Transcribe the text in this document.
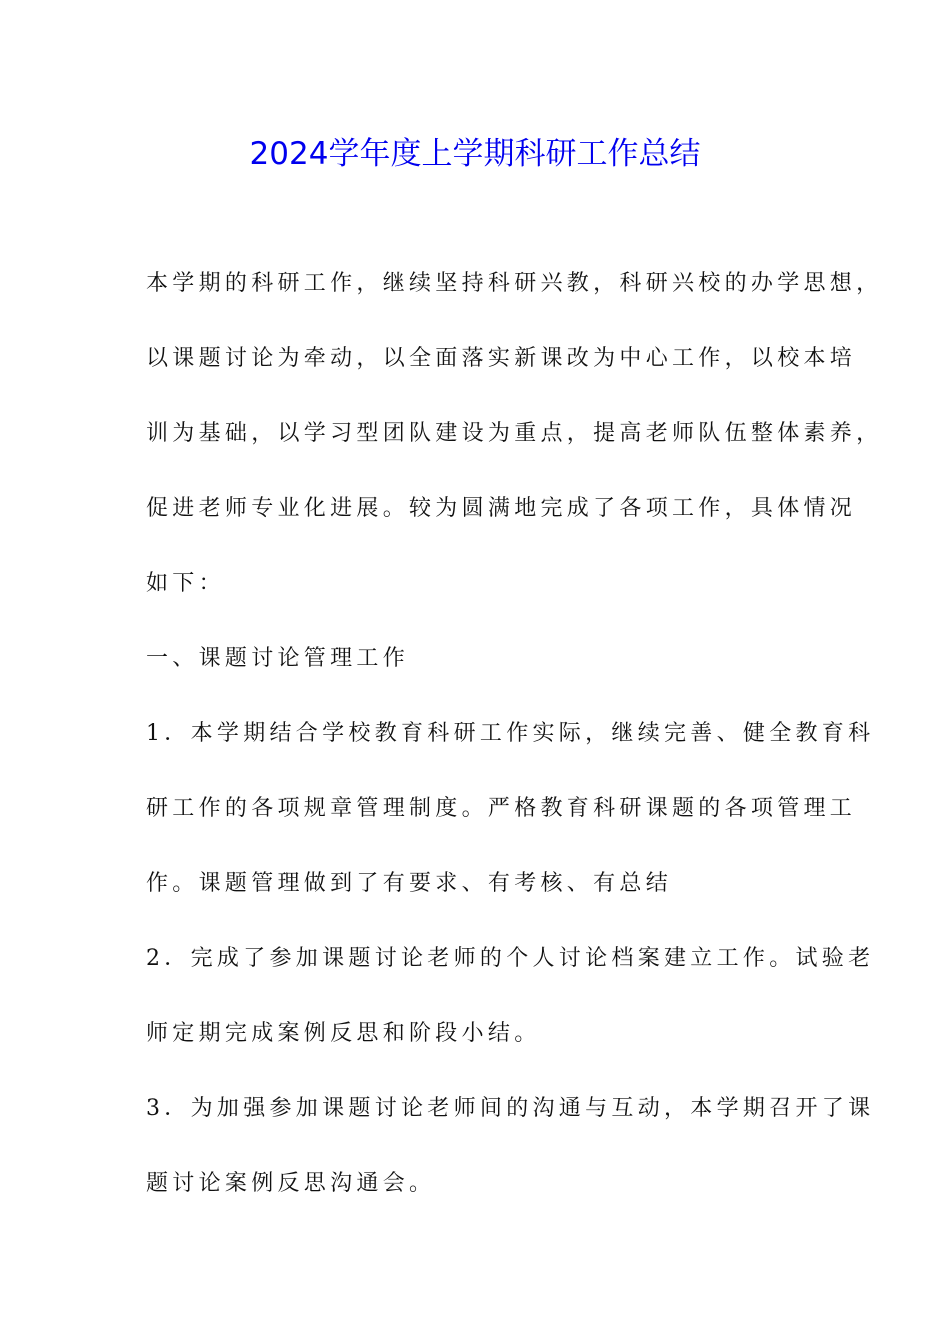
2024学年度上学期科研工作总结
本学期的科研工作，继续坚持科研兴教，科研兴校的办学思想，
以课题讨论为牵动，以全面落实新课改为中心工作，以校本培
训为基础，以学习型团队建设为重点，提高老师队伍整体素养，
促进老师专业化进展。较为圆满地完成了各项工作，具体情况
如下：
一、课题讨论管理工作
1．本学期结合学校教育科研工作实际，继续完善、健全教育科
研工作的各项规章管理制度。严格教育科研课题的各项管理工
作。课题管理做到了有要求、有考核、有总结
2．完成了参加课题讨论老师的个人讨论档案建立工作。试验老
师定期完成案例反思和阶段小结。
3．为加强参加课题讨论老师间的沟通与互动，本学期召开了课
题讨论案例反思沟通会。
